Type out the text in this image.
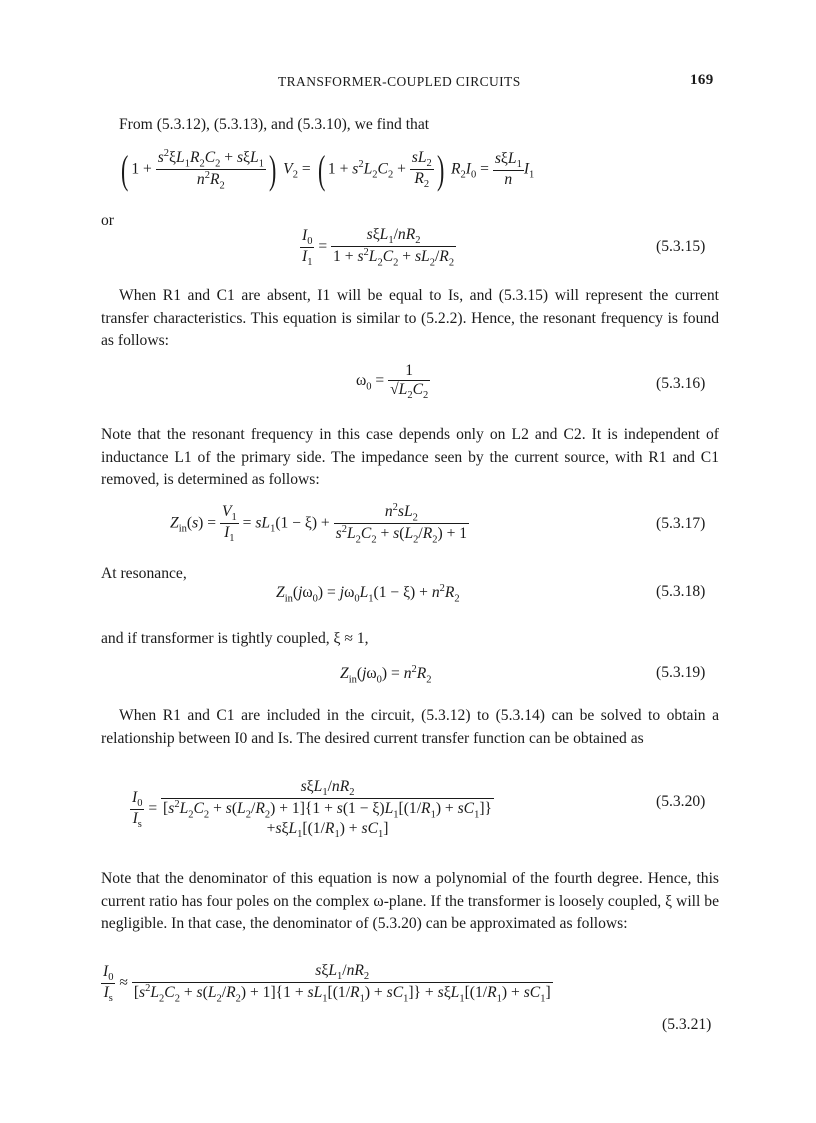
TRANSFORMER-COUPLED CIRCUITS	169
From (5.3.12), (5.3.13), and (5.3.10), we find that
( $1 + \frac{s^2\xi L_1R_2C_2 + s\xi L_1}{n^2R_2}$ ) $V_2$ = ( $1 + s^2L_2C_2 + \frac{sL_2}{R_2}$ ) $R_2I_0 = \frac{s\xi L_1}{n} I_1$
or
$\frac{I_0}{I_1} = \frac{s\xi L_1/nR_2}{1 + s^2L_2C_2 + sL_2/R_2}$	(5.3.15)
When R1 and C1 are absent, I1 will be equal to Is, and (5.3.15) will represent the current transfer characteristics. This equation is similar to (5.2.2). Hence, the resonant frequency is found as follows:
$\omega_0 = \frac{1}{√L_2C_2}$	(5.3.16)
Note that the resonant frequency in this case depends only on L2 and C2. It is independent of inductance L1 of the primary side. The impedance seen by the current source, with R1 and C1 removed, is determined as follows:
$Z_{in}(s) = \frac{V_1}{I_1} = sL_1(1 - \xi) + \frac{n^2sL_2}{s^2L_2C_2 + s(L_2/R_2) + 1}$	(5.3.17)
At resonance,
$Z_{in}(j\omega_0) = j\omega_0L_1(1 - \xi) + n^2R_2$	(5.3.18)
and if transformer is tightly coupled, ξ ≈ 1,
$Z_{in}(j\omega_0) = n^2R_2$	(5.3.19)
When R1 and C1 are included in the circuit, (5.3.12) to (5.3.14) can be solved to obtain a relationship between I0 and Is. The desired current transfer function can be obtained as
$\frac{I_0}{I_s}$ =
$s\xi L_1/nR_2$
$[s^2L_2C_2 + s(L_2/R_2) + 1]\{1 + s(1 - \xi)L_1[(1/R_1) + sC_1]\}$
$+s\xi L_1[(1/R_1) + sC_1]$
(5.3.20)
Note that the denominator of this equation is now a polynomial of the fourth degree. Hence, this current ratio has four poles on the complex ω-plane. If the transformer is loosely coupled, ξ will be negligible. In that case, the denominator of (5.3.20) can be approximated as follows:
$\frac{I_0}{I_s}$ ≈
$s\xi L_1/nR_2$
$[s^2L_2C_2 + s(L_2/R_2) + 1]\{1 + sL_1[(1/R_1) + sC_1]\} + s\xi L_1[(1/R_1) + sC_1]$
(5.3.21)
